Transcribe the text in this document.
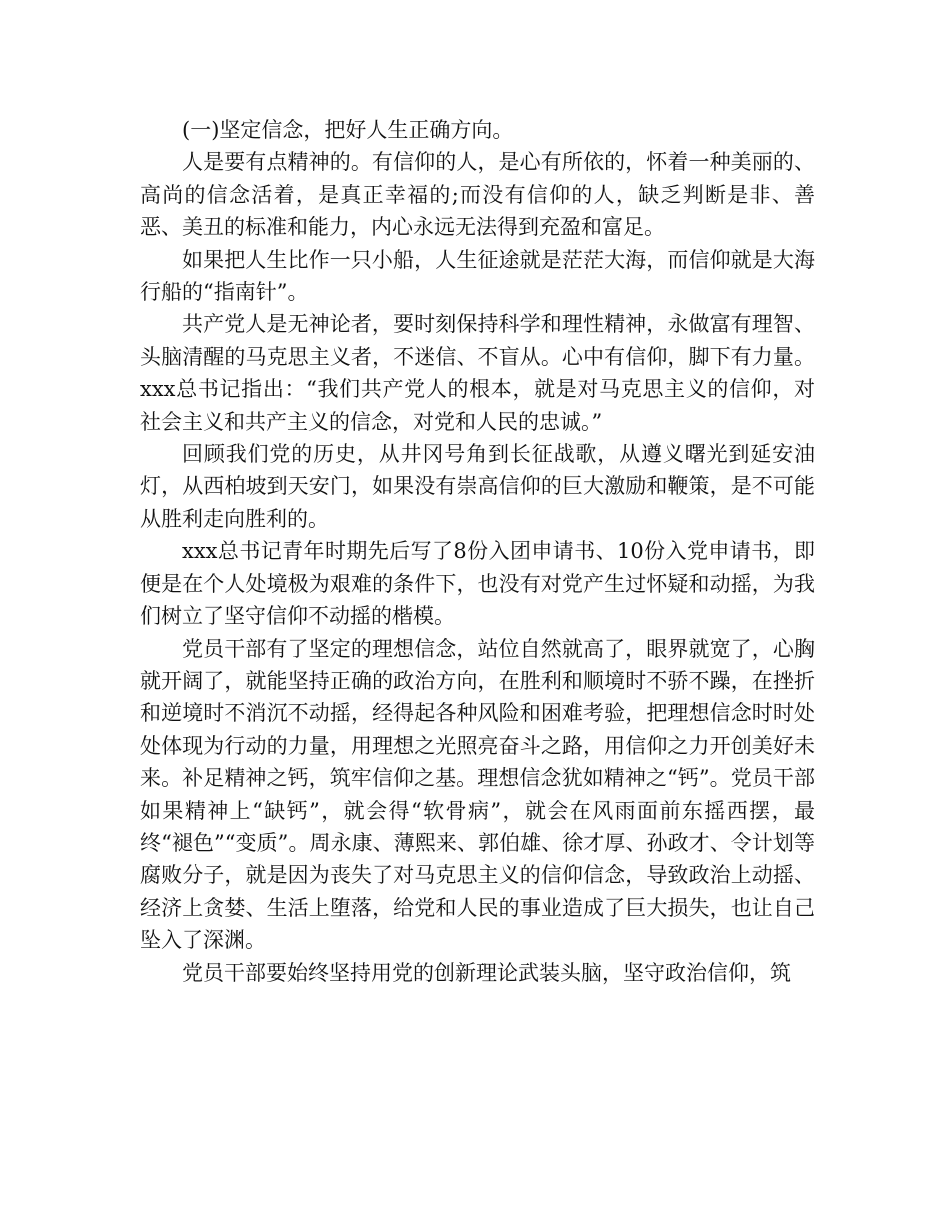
(一)坚定信念，把好人生正确方向。

人是要有点精神的。有信仰的人，是心有所依的，怀着一种美丽的、高尚的信念活着，是真正幸福的;而没有信仰的人，缺乏判断是非、善恶、美丑的标准和能力，内心永远无法得到充盈和富足。

如果把人生比作一只小船，人生征途就是茫茫大海，而信仰就是大海行船的“指南针”。

共产党人是无神论者，要时刻保持科学和理性精神，永做富有理智、头脑清醒的马克思主义者，不迷信、不盲从。心中有信仰，脚下有力量。xxx总书记指出：“我们共产党人的根本，就是对马克思主义的信仰，对社会主义和共产主义的信念，对党和人民的忠诚。”

回顾我们党的历史，从井冈号角到长征战歌，从遵义曙光到延安油灯，从西柏坡到天安门，如果没有崇高信仰的巨大激励和鞭策，是不可能从胜利走向胜利的。

xxx总书记青年时期先后写了8份入团申请书、10份入党申请书，即便是在个人处境极为艰难的条件下，也没有对党产生过怀疑和动摇，为我们树立了坚守信仰不动摇的楷模。

党员干部有了坚定的理想信念，站位自然就高了，眼界就宽了，心胸就开阔了，就能坚持正确的政治方向，在胜利和顺境时不骄不躁，在挫折和逆境时不消沉不动摇，经得起各种风险和困难考验，把理想信念时时处处体现为行动的力量，用理想之光照亮奋斗之路，用信仰之力开创美好未来。补足精神之钙，筑牢信仰之基。理想信念犹如精神之“钙”。党员干部如果精神上“缺钙”，就会得“软骨病”，就会在风雨面前东摇西摆，最终“褪色”“变质”。周永康、薄熙来、郭伯雄、徐才厚、孙政才、令计划等腐败分子，就是因为丧失了对马克思主义的信仰信念，导致政治上动摇、经济上贪婪、生活上堕落，给党和人民的事业造成了巨大损失，也让自己坠入了深渊。

党员干部要始终坚持用党的创新理论武装头脑，坚守政治信仰，筑
